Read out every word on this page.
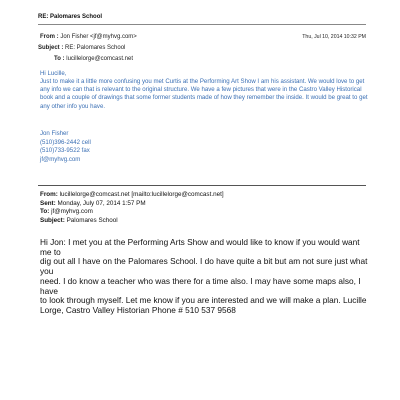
RE: Palomares School
From : Jon Fisher <jf@myhvg.com>	Thu, Jul 10, 2014 10:32 PM
Subject : RE: Palomares School
To : lucillelorge@comcast.net
Hi Lucille,
Just to make it a little more confusing you met Curtis at the Performing Art Show I am his assistant. We would love to get any info we can that is relevant to the original structure. We have a few pictures that were in the Castro Valley Historical book and a couple of drawings that some former students made of how they remember the inside. It would be great to get any other info you have.
Jon Fisher
(510)396-2442 cell
(510)733-9522 fax
jf@myhvg.com
From: lucillelorge@comcast.net [mailto:lucillelorge@comcast.net]
Sent: Monday, July 07, 2014 1:57 PM
To: jf@myhvg.com
Subject: Palomares School

Hi Jon: I met you at the Performing Arts Show and would like to know if you would want me to

dig out all I have on the Palomares School. I do have quite a bit but am not sure just what you

need. I do know a teacher who was there for a time also. I may have some maps also, I have

to look through myself. Let me know if you are interested and we will make a plan. Lucille

Lorge, Castro Valley Historian Phone # 510 537 9568
